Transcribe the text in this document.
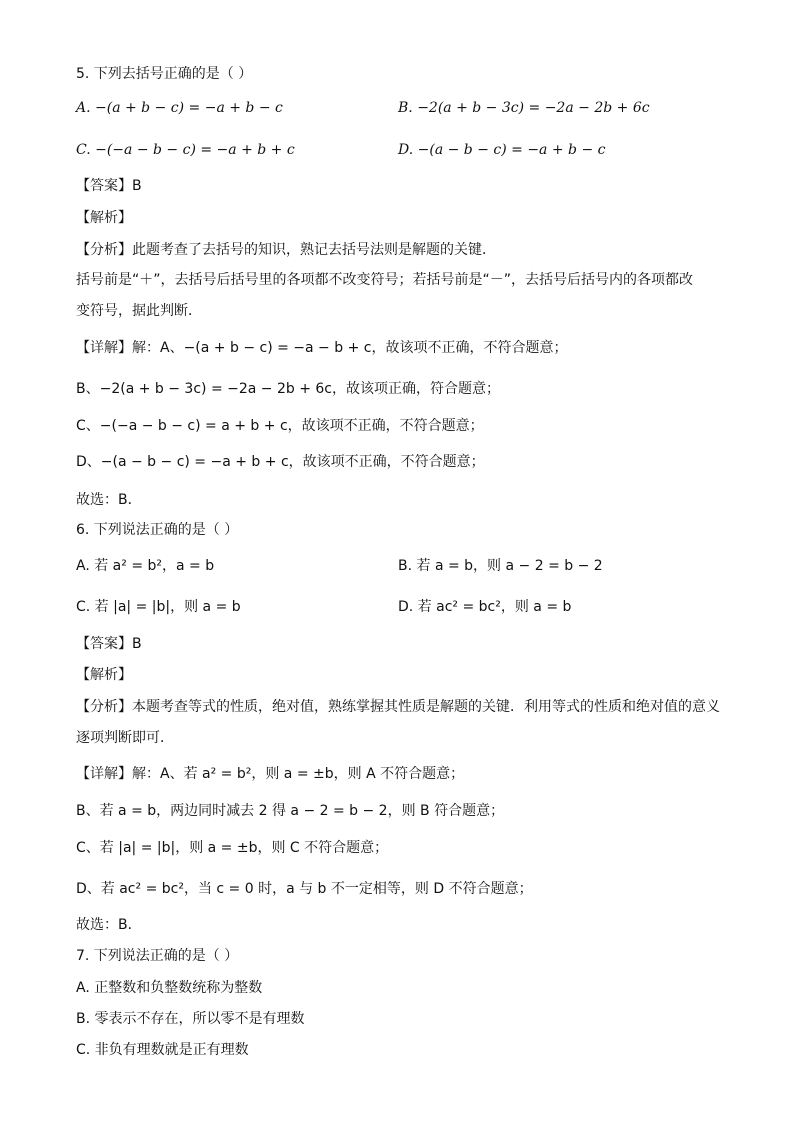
5. 下列去括号正确的是（ ）
A. −(a + b − c) = −a + b − c	B. −2(a + b − 3c) = −2a − 2b + 6c
C. −(−a − b − c) = −a + b + c	D. −(a − b − c) = −a + b − c
【答案】B
【解析】
【分析】此题考查了去括号的知识，熟记去括号法则是解题的关键．
括号前是“＋”，去括号后括号里的各项都不改变符号；若括号前是“－”，去括号后括号内的各项都改
变符号，据此判断．
【详解】解：A、−(a + b − c) = −a − b + c，故该项不正确，不符合题意；
B、−2(a + b − 3c) = −2a − 2b + 6c，故该项正确，符合题意；
C、−(−a − b − c) = a + b + c，故该项不正确，不符合题意；
D、−(a − b − c) = −a + b + c，故该项不正确，不符合题意；
故选：B．
6. 下列说法正确的是（ ）
A. 若 a² = b²，a = b	B. 若 a = b，则 a − 2 = b − 2
C. 若 |a| = |b|，则 a = b	D. 若 ac² = bc²，则 a = b
【答案】B
【解析】
【分析】本题考查等式的性质，绝对值，熟练掌握其性质是解题的关键．利用等式的性质和绝对值的意义
逐项判断即可．
【详解】解：A、若 a² = b²，则 a = ±b，则 A 不符合题意；
B、若 a = b，两边同时减去 2 得 a − 2 = b − 2，则 B 符合题意；
C、若 |a| = |b|，则 a = ±b，则 C 不符合题意；
D、若 ac² = bc²，当 c = 0 时，a 与 b 不一定相等，则 D 不符合题意；
故选：B．
7. 下列说法正确的是（ ）
A. 正整数和负整数统称为整数
B. 零表示不存在，所以零不是有理数
C. 非负有理数就是正有理数
